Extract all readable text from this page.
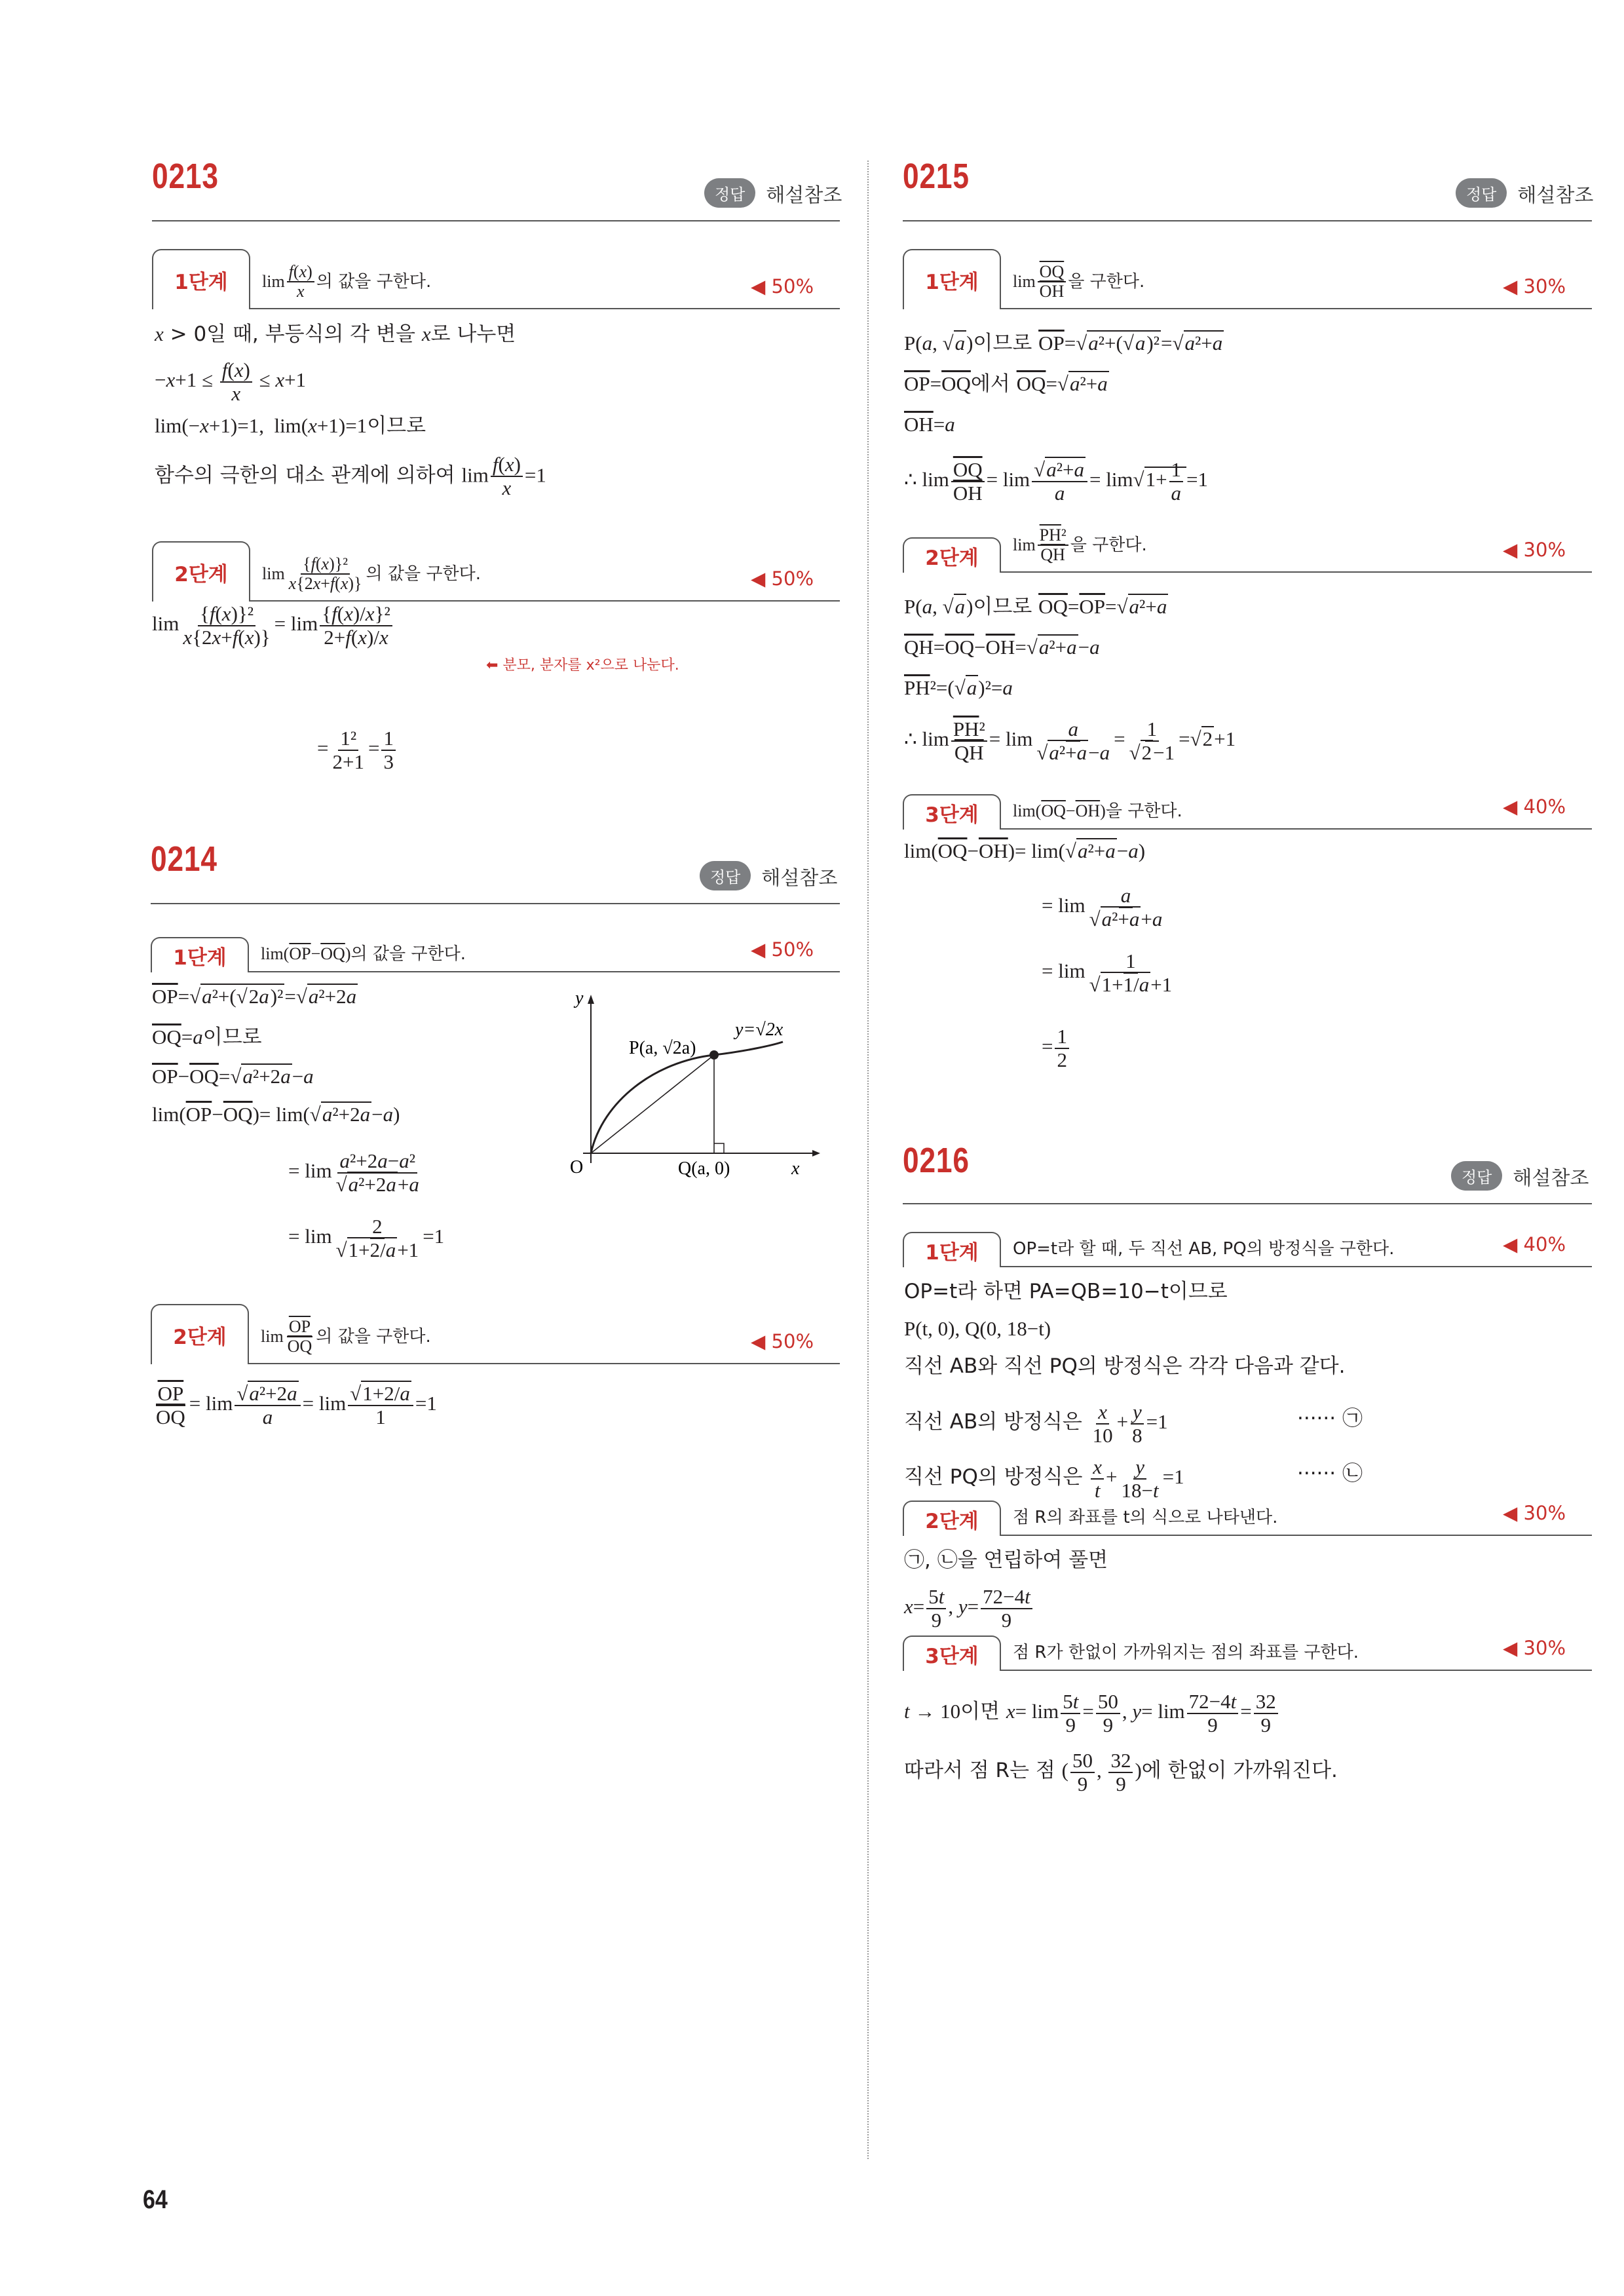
0213	정답	해설참조
1단계	$\lim \frac{f(x)}{x}$ 의 값을 구한다.	◀ 50%
x > 0일 때, 부등식의 각 변을 x로 나누면
$-x+1 \le \frac{f(x)}{x} \le x+1$
lim(−x+1)=1,  lim(x+1)=1이므로
함수의 극한의 대소 관계에 의하여 $\lim \frac{f(x)}{x} =1$
2단계	$\lim \frac{\text{\{f(x)\}²}}{x\{2x+f(x)\}}$ 의 값을 구한다.	◀ 50%
$\lim \frac{\text{\{f(x)\}²}}{x\{2x+f(x)\}} = \lim \frac{\text{\{f(x)/x\}²}}{2+f(x)/x}$
⬅ 분모, 분자를 x²으로 나눈다.
= $\frac{\text{1²}}{2+1} = \frac{1}{3}$
0214	정답	해설참조
1단계	$\lim(\overline{OP}-\overline{OQ})$의 값을 구한다.	◀ 50%
$\overline{OP}=√a^2+(√2a)^2=√a^2+2a$
$\overline{OQ}=a$이므로
$\overline{OP}-\overline{OQ}=√a^2+2a-a$
$\lim(\overline{OP}-\overline{OQ})= \lim(√a^2+2a-a)$
= $\lim \frac{\text{a²+2a−a²}}{\text{√a²+2a+a}}$
= $\lim \frac{2}{√1+2/a+1} =1$
y
x
O
P(a, √2a)
Q(a, 0)
y=√2x
2단계	$\lim \frac{\overline{OP}}{OQ}$ 의 값을 구한다.	◀ 50%
$\frac{\overline{OP}}{OQ} = \lim \frac{\text{√a²+2a}}{a} = \lim \frac{√1+2/a}{1} =1$
0215	정답	해설참조
1단계	$\lim \frac{\overline{OQ}}{OH}$ 을 구한다.	◀ 30%
P(a, √a)이므로 $\overline{OP}=√a^2+(√a)^2=√a^2+a$
$\overline{OP}=\overline{OQ}$에서 $\overline{OQ}=√a^2+a$
$\overline{OH}=a$
∴ $\lim \frac{\overline{OQ}}{OH} = \lim \frac{\text{√a²+a}}{a} = \lim√1+ \frac{1}{a} =1$
2단계
$\lim \frac{\overline{PH}^2}{QH}$ 을 구한다.	◀ 30%
P(a, √a)이므로 $\overline{OQ}=\overline{OP}=√a^2+a$
$\overline{QH}=\overline{OQ}-\overline{OH}=√a^2+a-a$
$\overline{PH}^2=(√a)^2=a$
∴ $\lim \frac{\overline{PH}^2}{QH} = \lim \frac{a}{\text{√a²+a−a}} = \frac{1}{√2-1} =√2+1$
3단계	$\lim(\overline{OQ}-\overline{OH})$을 구한다.	◀ 40%
$\lim(\overline{OQ}-\overline{OH})= \lim(√a^2+a-a)$
= $\lim \frac{a}{\text{√a²+a+a}}$
= $\lim \frac{1}{√1+1/a+1}$
= $\frac{1}{2}$
0216	정답	해설참조
1단계	OP=t라 할 때, 두 직선 AB, PQ의 방정식을 구한다.	◀ 40%
OP=t라 하면 PA=QB=10−t이므로
P(t, 0), Q(0, 18−t)
직선 AB와 직선 PQ의 방정식은 각각 다음과 같다.
직선 AB의 방정식은 $\frac{x}{10} + \frac{y}{8} =1$	······ ㉠
직선 PQ의 방정식은 $\frac{x}{t} + \frac{y}{18-t} =1$	······ ㉡
2단계	점 R의 좌표를 t의 식으로 나타낸다.	◀ 30%
㉠, ㉡을 연립하여 풀면
$x= \frac{5t}{9}$ , $y= \frac{72-4t}{9}$
3단계	점 R가 한없이 가까워지는 점의 좌표를 구한다.	◀ 30%
t → 10이면 $x= \lim \frac{5t}{9} = \frac{50}{9}$ , $y= \lim \frac{72-4t}{9} = \frac{32}{9}$
따라서 점 R는 점 ( $\frac{50}{9}$ , $\frac{32}{9}$ )에 한없이 가까워진다.
64
